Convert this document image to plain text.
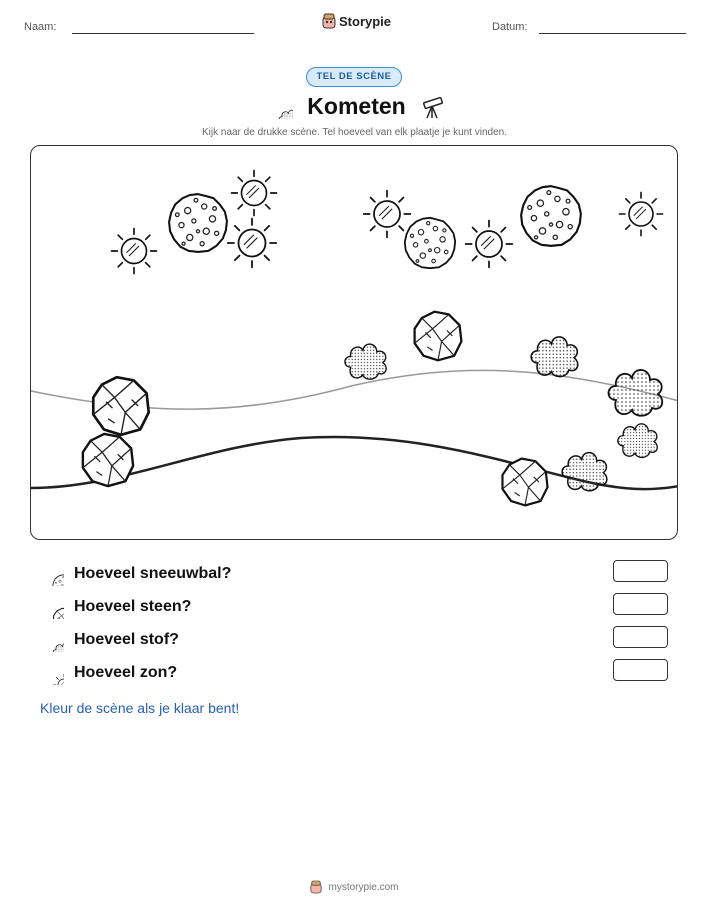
Naam:	Storypie	Datum:
TEL DE SCÈNE
Kometen
Kijk naar de drukke scène. Tel hoeveel van elk plaatje je kunt vinden.
Hoeveel sneeuwbal?
Hoeveel steen?
Hoeveel stof?
Hoeveel zon?
Kleur de scène als je klaar bent!
mystorypie.com
